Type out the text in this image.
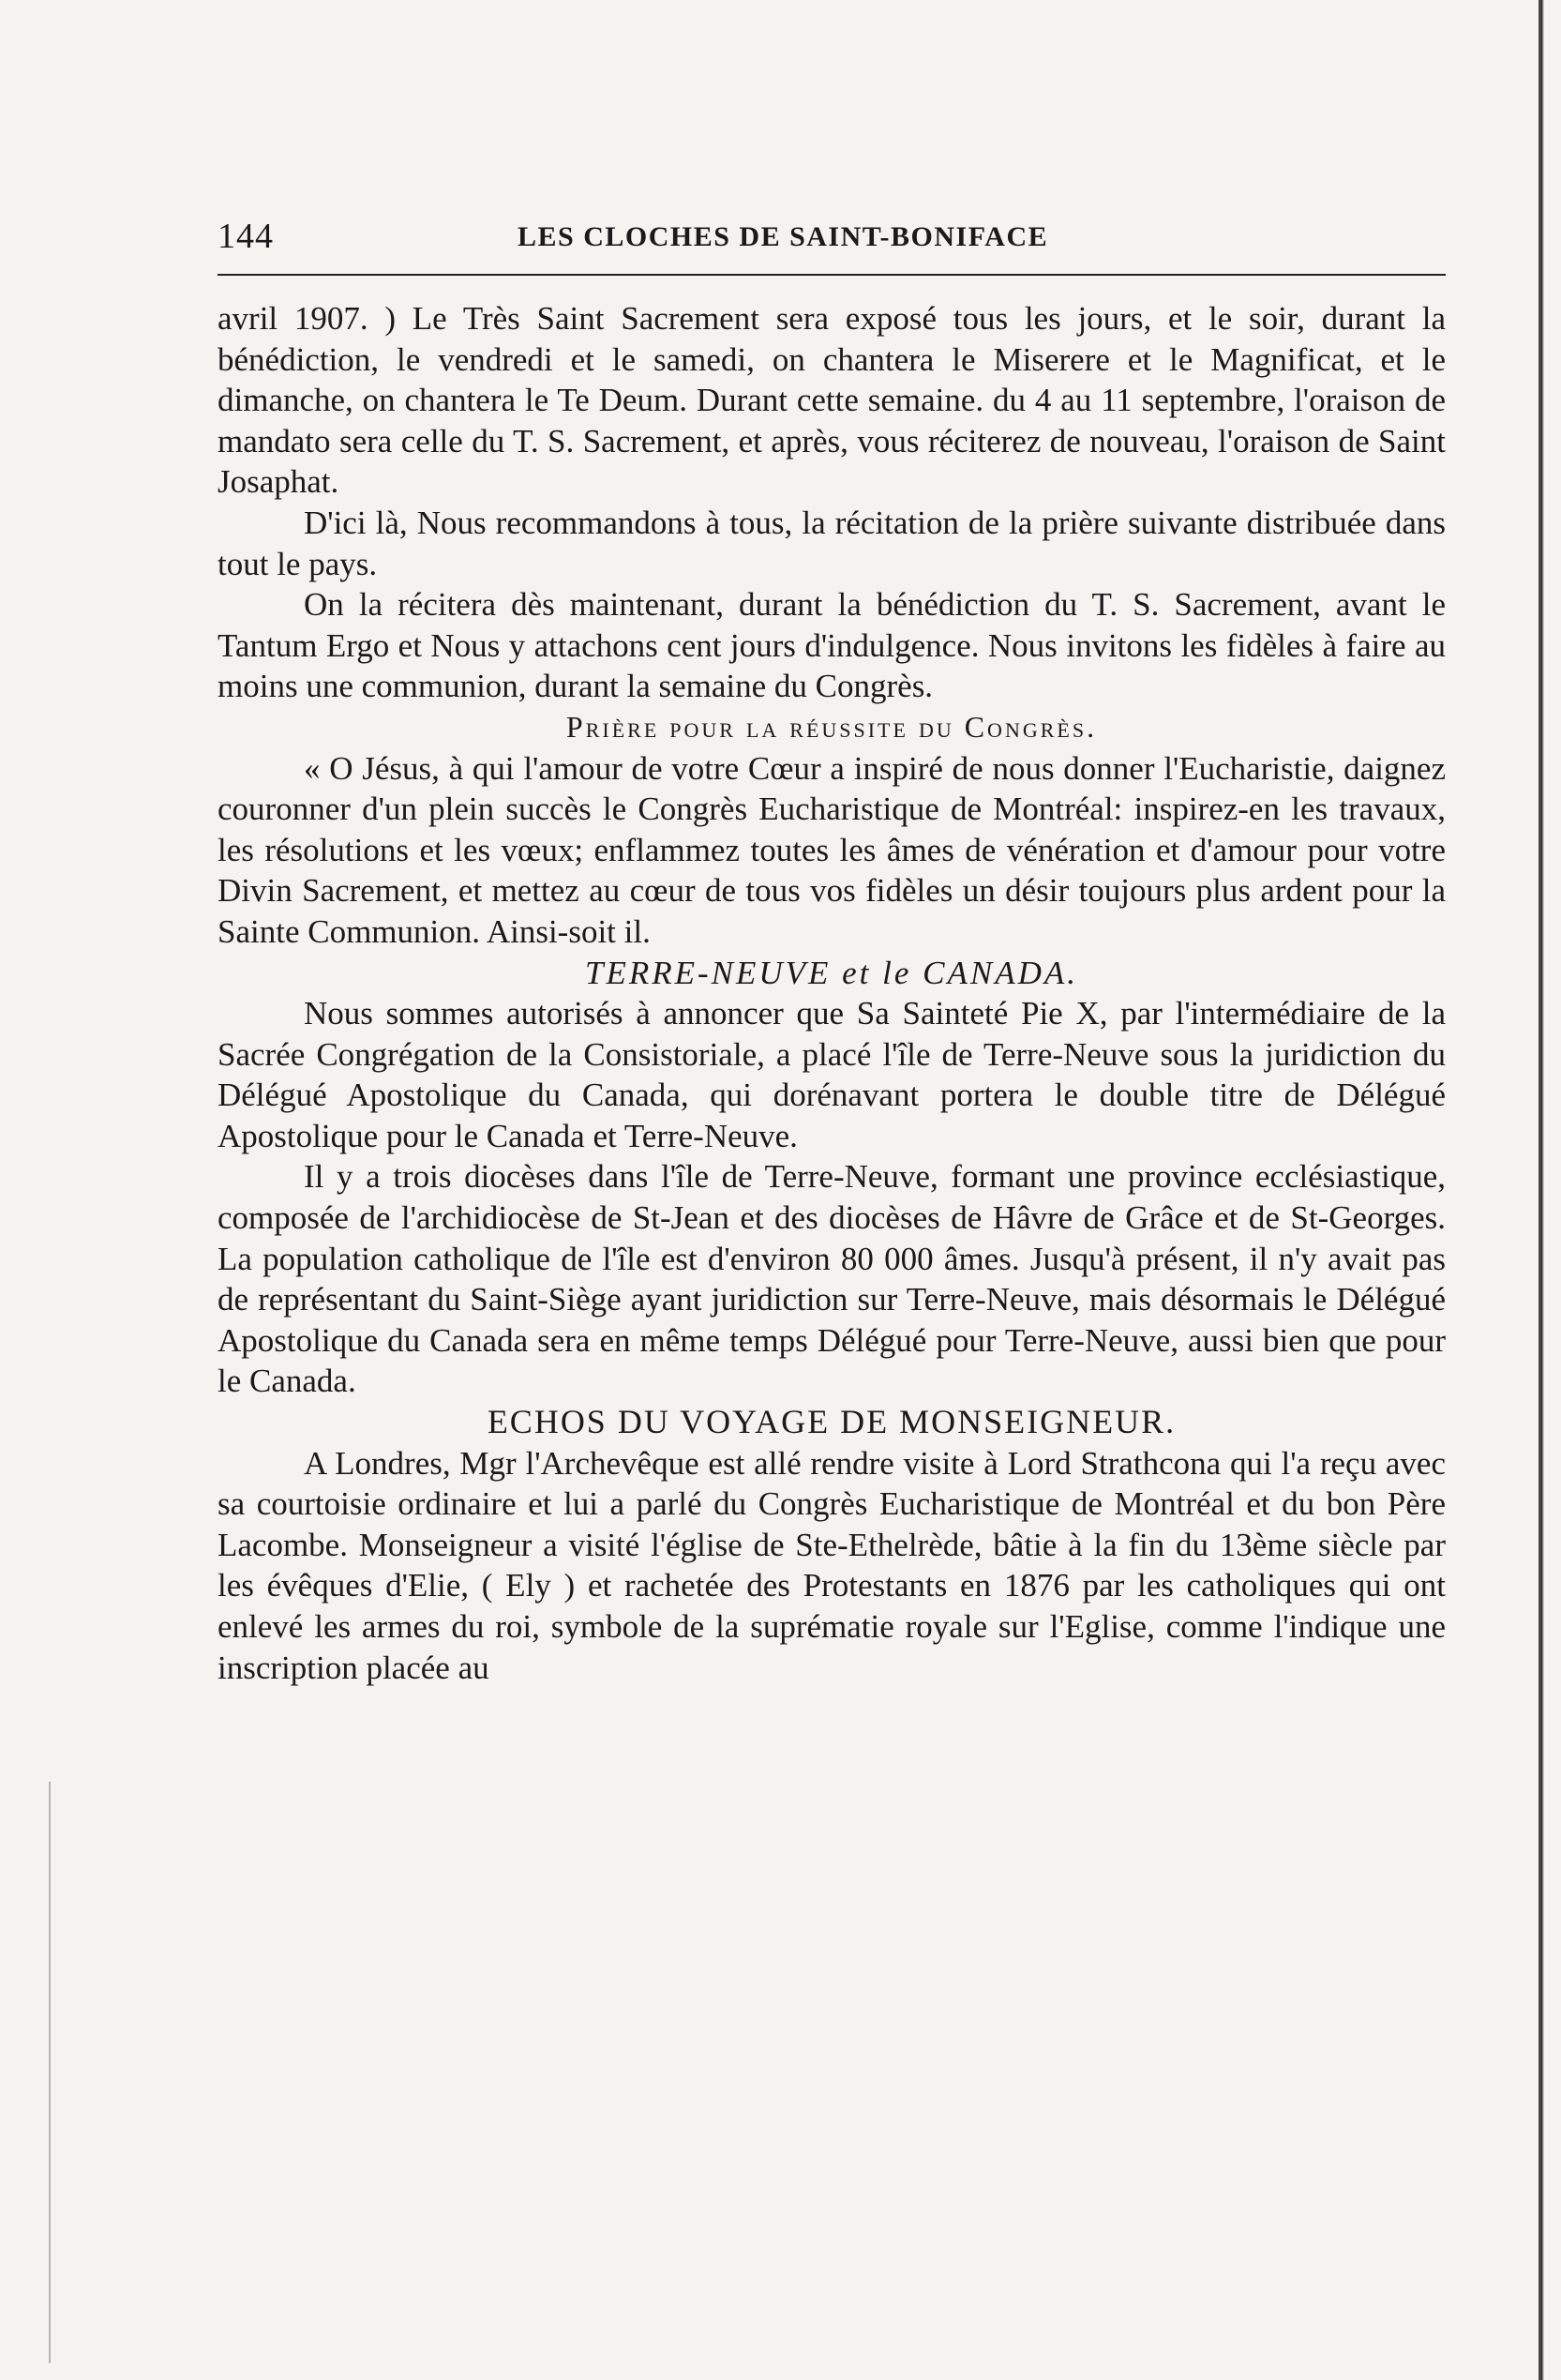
144	LES CLOCHES DE SAINT-BONIFACE

avril 1907. ) Le Très Saint Sacrement sera exposé tous les jours, et le soir, durant la bénédiction, le vendredi et le samedi, on chantera le Miserere et le Magnificat, et le dimanche, on chantera le Te Deum. Durant cette semaine. du 4 au 11 septembre, l'oraison de mandato sera celle du T. S. Sacrement, et après, vous réciterez de nouveau, l'oraison de Saint Josaphat.

D'ici là, Nous recommandons à tous, la récitation de la prière suivante distribuée dans tout le pays.

On la récitera dès maintenant, durant la bénédiction du T. S. Sacrement, avant le Tantum Ergo et Nous y attachons cent jours d'indulgence. Nous invitons les fidèles à faire au moins une communion, durant la semaine du Congrès.

Prière pour la réussite du Congrès.

« O Jésus, à qui l'amour de votre Cœur a inspiré de nous donner l'Eucharistie, daignez couronner d'un plein succès le Congrès Eucharistique de Montréal: inspirez-en les travaux, les résolutions et les vœux; enflammez toutes les âmes de vénération et d'amour pour votre Divin Sacrement, et mettez au cœur de tous vos fidèles un désir toujours plus ardent pour la Sainte Communion. Ainsi-soit il.

TERRE-NEUVE et le CANADA.

Nous sommes autorisés à annoncer que Sa Sainteté Pie X, par l'intermédiaire de la Sacrée Congrégation de la Consistoriale, a placé l'île de Terre-Neuve sous la juridiction du Délégué Apostolique du Canada, qui dorénavant portera le double titre de Délégué Apostolique pour le Canada et Terre-Neuve.

Il y a trois diocèses dans l'île de Terre-Neuve, formant une province ecclésiastique, composée de l'archidiocèse de St-Jean et des diocèses de Hâvre de Grâce et de St-Georges. La population catholique de l'île est d'environ 80 000 âmes. Jusqu'à présent, il n'y avait pas de représentant du Saint-Siège ayant juridiction sur Terre-Neuve, mais désormais le Délégué Apostolique du Canada sera en même temps Délégué pour Terre-Neuve, aussi bien que pour le Canada.

ECHOS DU VOYAGE DE MONSEIGNEUR.

A Londres, Mgr l'Archevêque est allé rendre visite à Lord Strathcona qui l'a reçu avec sa courtoisie ordinaire et lui a parlé du Congrès Eucharistique de Montréal et du bon Père Lacombe. Monseigneur a visité l'église de Ste-Ethelrède, bâtie à la fin du 13ème siècle par les évêques d'Elie, ( Ely ) et rachetée des Protestants en 1876 par les catholiques qui ont enlevé les armes du roi, symbole de la suprématie royale sur l'Eglise, comme l'indique une inscription placée au
